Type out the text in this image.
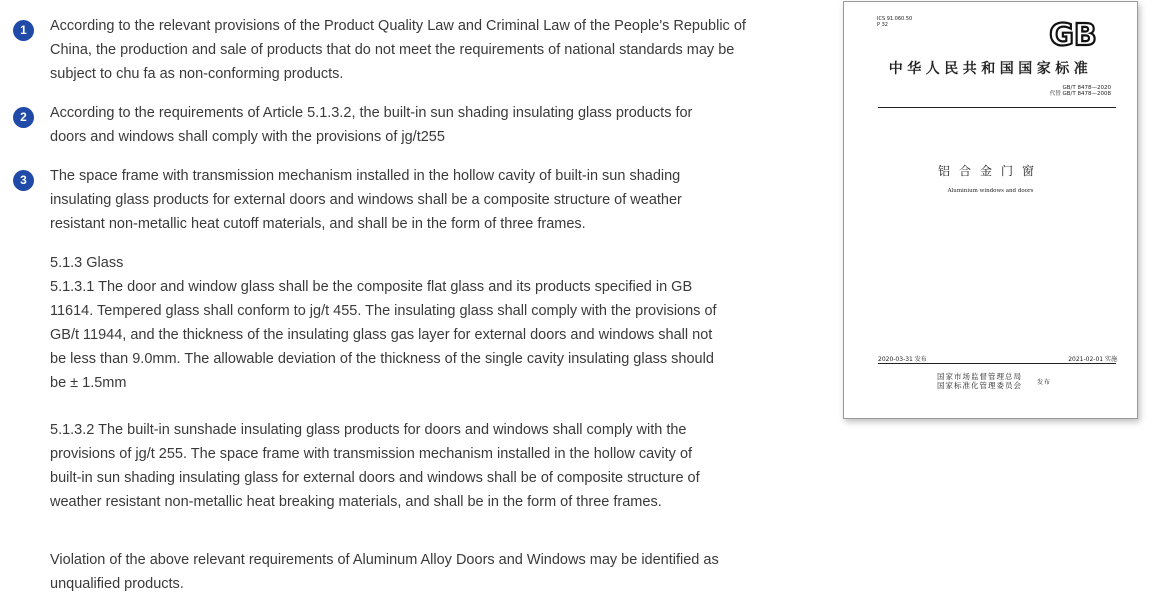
1	According to the relevant provisions of the Product Quality Law and Criminal Law of the People's Republic of
China, the production and sale of products that do not meet the requirements of national standards may be
subject to chu fa as non-conforming products.

2	According to the requirements of Article 5.1.3.2, the built-in sun shading insulating glass products for
doors and windows shall comply with the provisions of jg/t255

3	The space frame with transmission mechanism installed in the hollow cavity of built-in sun shading
insulating glass products for external doors and windows shall be a composite structure of weather
resistant non-metallic heat cutoff materials, and shall be in the form of three frames.

5.1.3 Glass

5.1.3.1 The door and window glass shall be the composite flat glass and its products specified in GB
11614. Tempered glass shall conform to jg/t 455. The insulating glass shall comply with the provisions of
GB/t 11944, and the thickness of the insulating glass gas layer for external doors and windows shall not
be less than 9.0mm. The allowable deviation of the thickness of the single cavity insulating glass should
be ± 1.5mm

5.1.3.2 The built-in sunshade insulating glass products for doors and windows shall comply with the
provisions of jg/t 255. The space frame with transmission mechanism installed in the hollow cavity of
built-in sun shading insulating glass for external doors and windows shall be of composite structure of
weather resistant non-metallic heat breaking materials, and shall be in the form of three frames.

Violation of the above relevant requirements of Aluminum Alloy Doors and Windows may be identified as
unqualified products.

ICS 91.060.50
P 32	GB
中华人民共和国国家标准
GB/T 8478—2020
代替 GB/T 8478—2008
铝合金门窗
Aluminium windows and doors
2020-03-31 发布	2021-02-01 实施
国家市场监督管理总局
国家标准化管理委员会	发布
